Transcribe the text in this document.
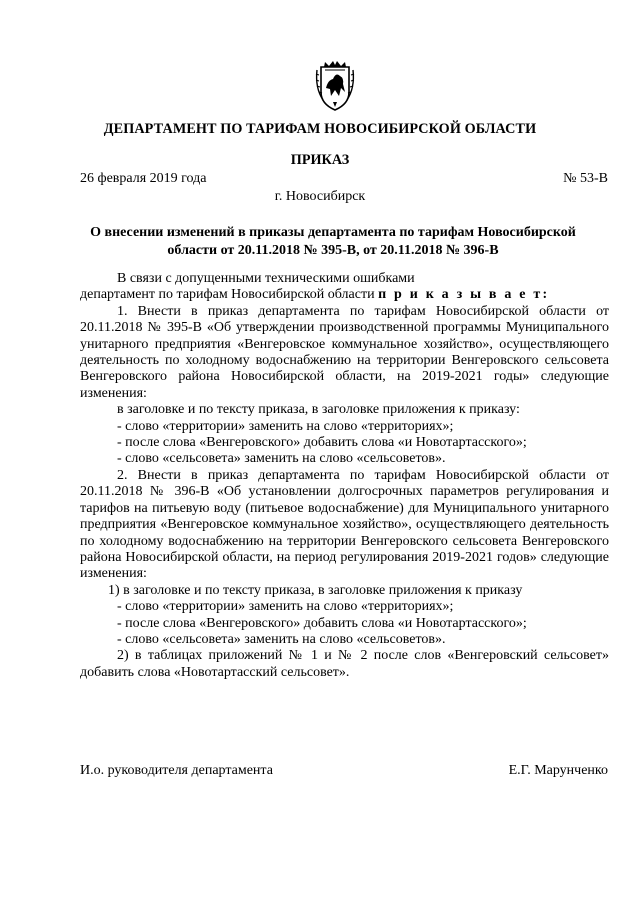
ДЕПАРТАМЕНТ ПО ТАРИФАМ НОВОСИБИРСКОЙ ОБЛАСТИ
ПРИКАЗ
26 февраля 2019 года	№ 53-В
г. Новосибирск
О внесении изменений в приказы департамента по тарифам Новосибирской
области от 20.11.2018 № 395-В, от 20.11.2018 № 396-В

В связи с допущенными техническими ошибками

департамент по тарифам Новосибирской области п р и к а з ы в а е т:

1. Внести в приказ департамента по тарифам Новосибирской области от 20.11.2018 № 395-В «Об утверждении производственной программы Муниципального унитарного предприятия «Венгеровское коммунальное хозяйство», осуществляющего деятельность по холодному водоснабжению на территории Венгеровского сельсовета Венгеровского района Новосибирской области, на 2019-2021 годы» следующие изменения:

в заголовке и по тексту приказа, в заголовке приложения к приказу:

- слово «территории» заменить на слово «территориях»;

- после слова «Венгеровского» добавить слова «и Новотартасского»;

- слово «сельсовета» заменить на слово «сельсоветов».

2. Внести в приказ департамента по тарифам Новосибирской области от 20.11.2018 № 396-В «Об установлении долгосрочных параметров регулирования и тарифов на питьевую воду (питьевое водоснабжение) для Муниципального унитарного предприятия «Венгеровское коммунальное хозяйство», осуществляющего деятельность по холодному водоснабжению на территории Венгеровского сельсовета Венгеровского района Новосибирской области, на период регулирования 2019-2021 годов» следующие изменения:

1) в заголовке и по тексту приказа, в заголовке приложения к приказу

- слово «территории» заменить на слово «территориях»;

- после слова «Венгеровского» добавить слова «и Новотартасского»;

- слово «сельсовета» заменить на слово «сельсоветов».

2) в таблицах приложений № 1 и № 2 после слов «Венгеровский сельсовет» добавить слова «Новотартасский сельсовет».

И.о. руководителя департамента	Е.Г. Марунченко
